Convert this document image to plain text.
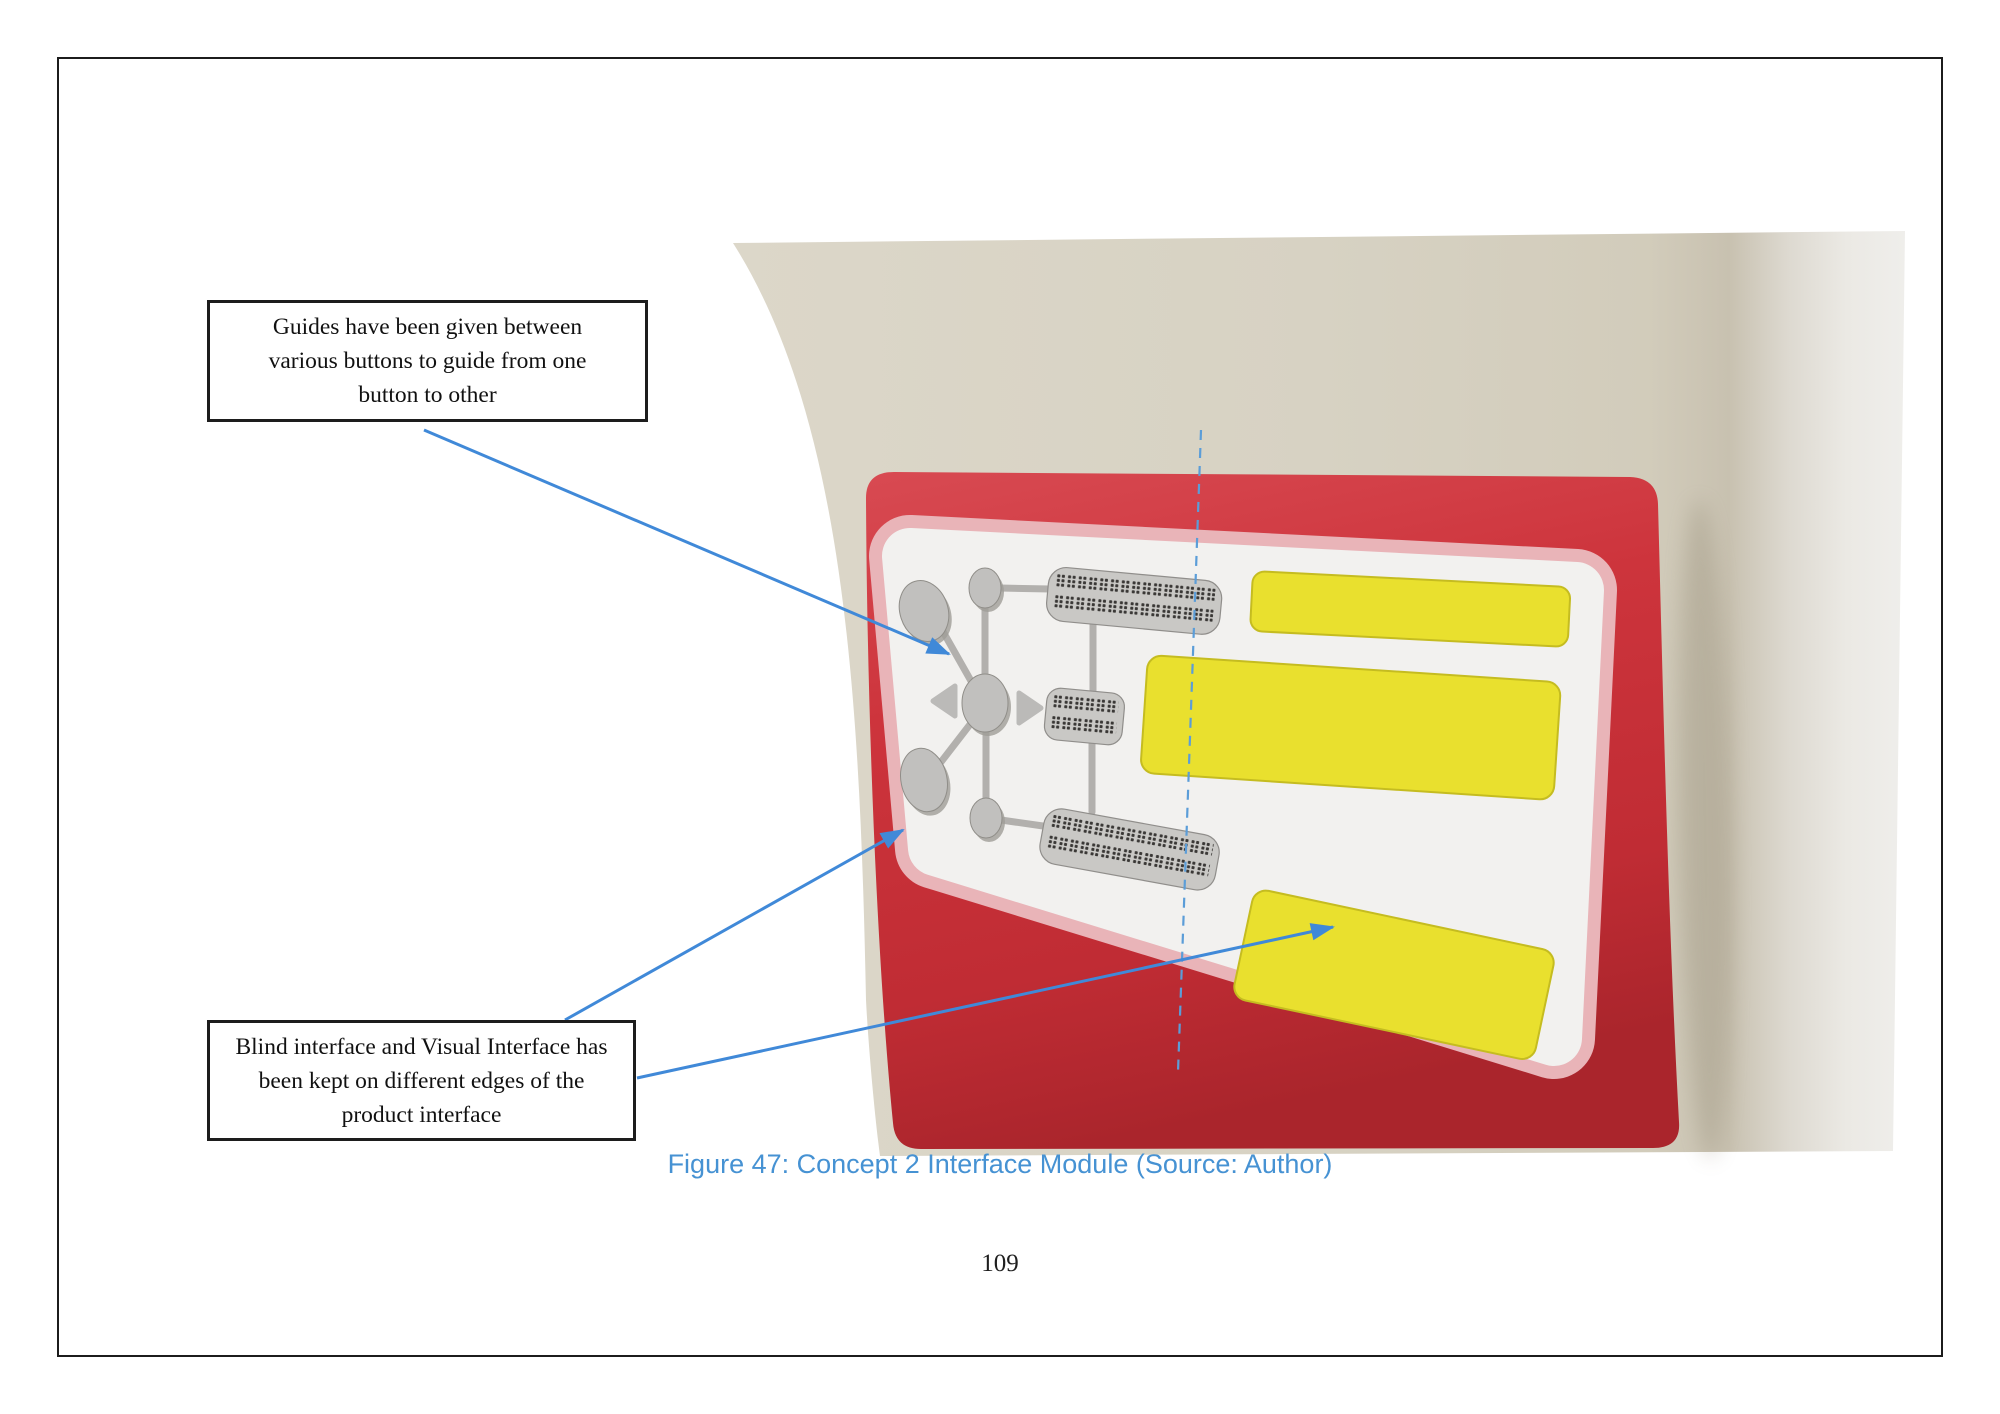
Guides have been given between
various buttons to guide from one
button to other
Blind interface and Visual Interface has
been kept on different edges of the
product interface
Figure 47: Concept 2 Interface Module (Source: Author)
109
